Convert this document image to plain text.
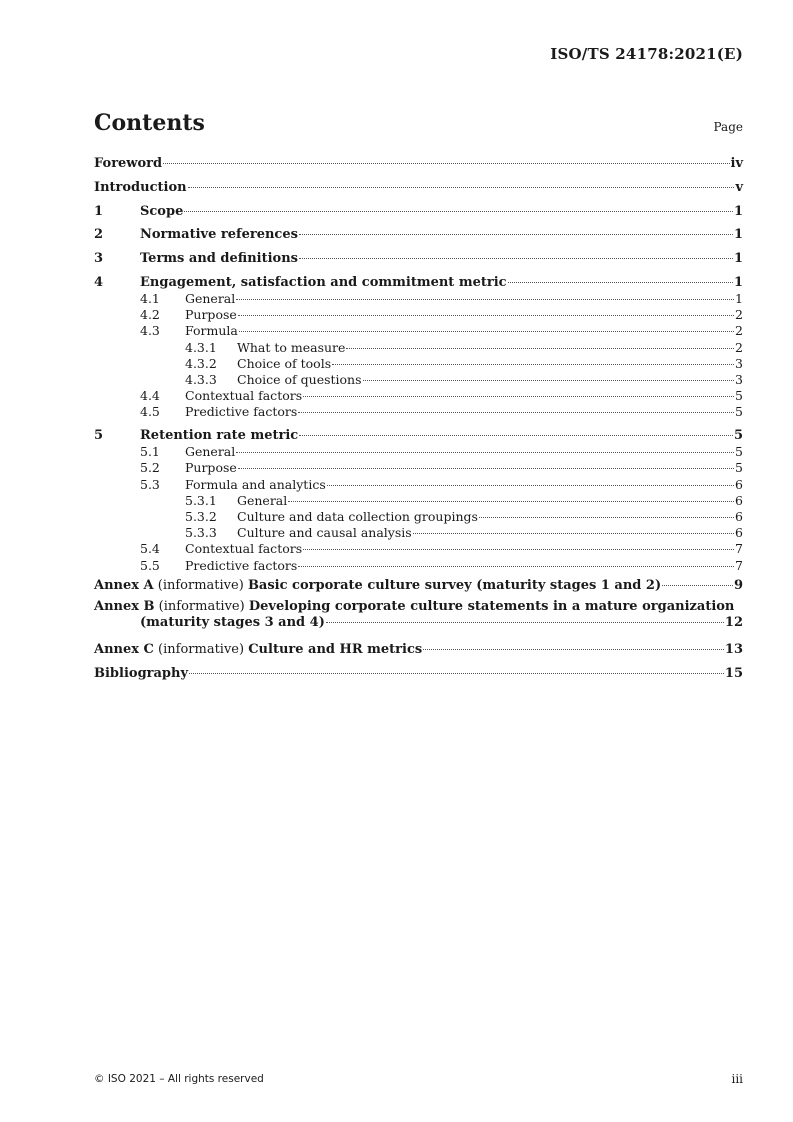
ISO/TS 24178:2021(E)
Contents	Page
Foreword	iv
Introduction	v
1	Scope	1
2	Normative references	1
3	Terms and definitions	1
4	Engagement, satisfaction and commitment metric	1
4.1	General	1
4.2	Purpose	2
4.3	Formula	2
4.3.1	What to measure	2
4.3.2	Choice of tools	3
4.3.3	Choice of questions	3
4.4	Contextual factors	5
4.5	Predictive factors	5
5	Retention rate metric	5
5.1	General	5
5.2	Purpose	5
5.3	Formula and analytics	6
5.3.1	General	6
5.3.2	Culture and data collection groupings	6
5.3.3	Culture and causal analysis	6
5.4	Contextual factors	7
5.5	Predictive factors	7
Annex A (informative) Basic corporate culture survey (maturity stages 1 and 2)	9
Annex B (informative) Developing corporate culture statements in a mature organization
(maturity stages 3 and 4)	12
Annex C (informative) Culture and HR metrics	13
Bibliography	15
© ISO 2021 – All rights reserved	iii
